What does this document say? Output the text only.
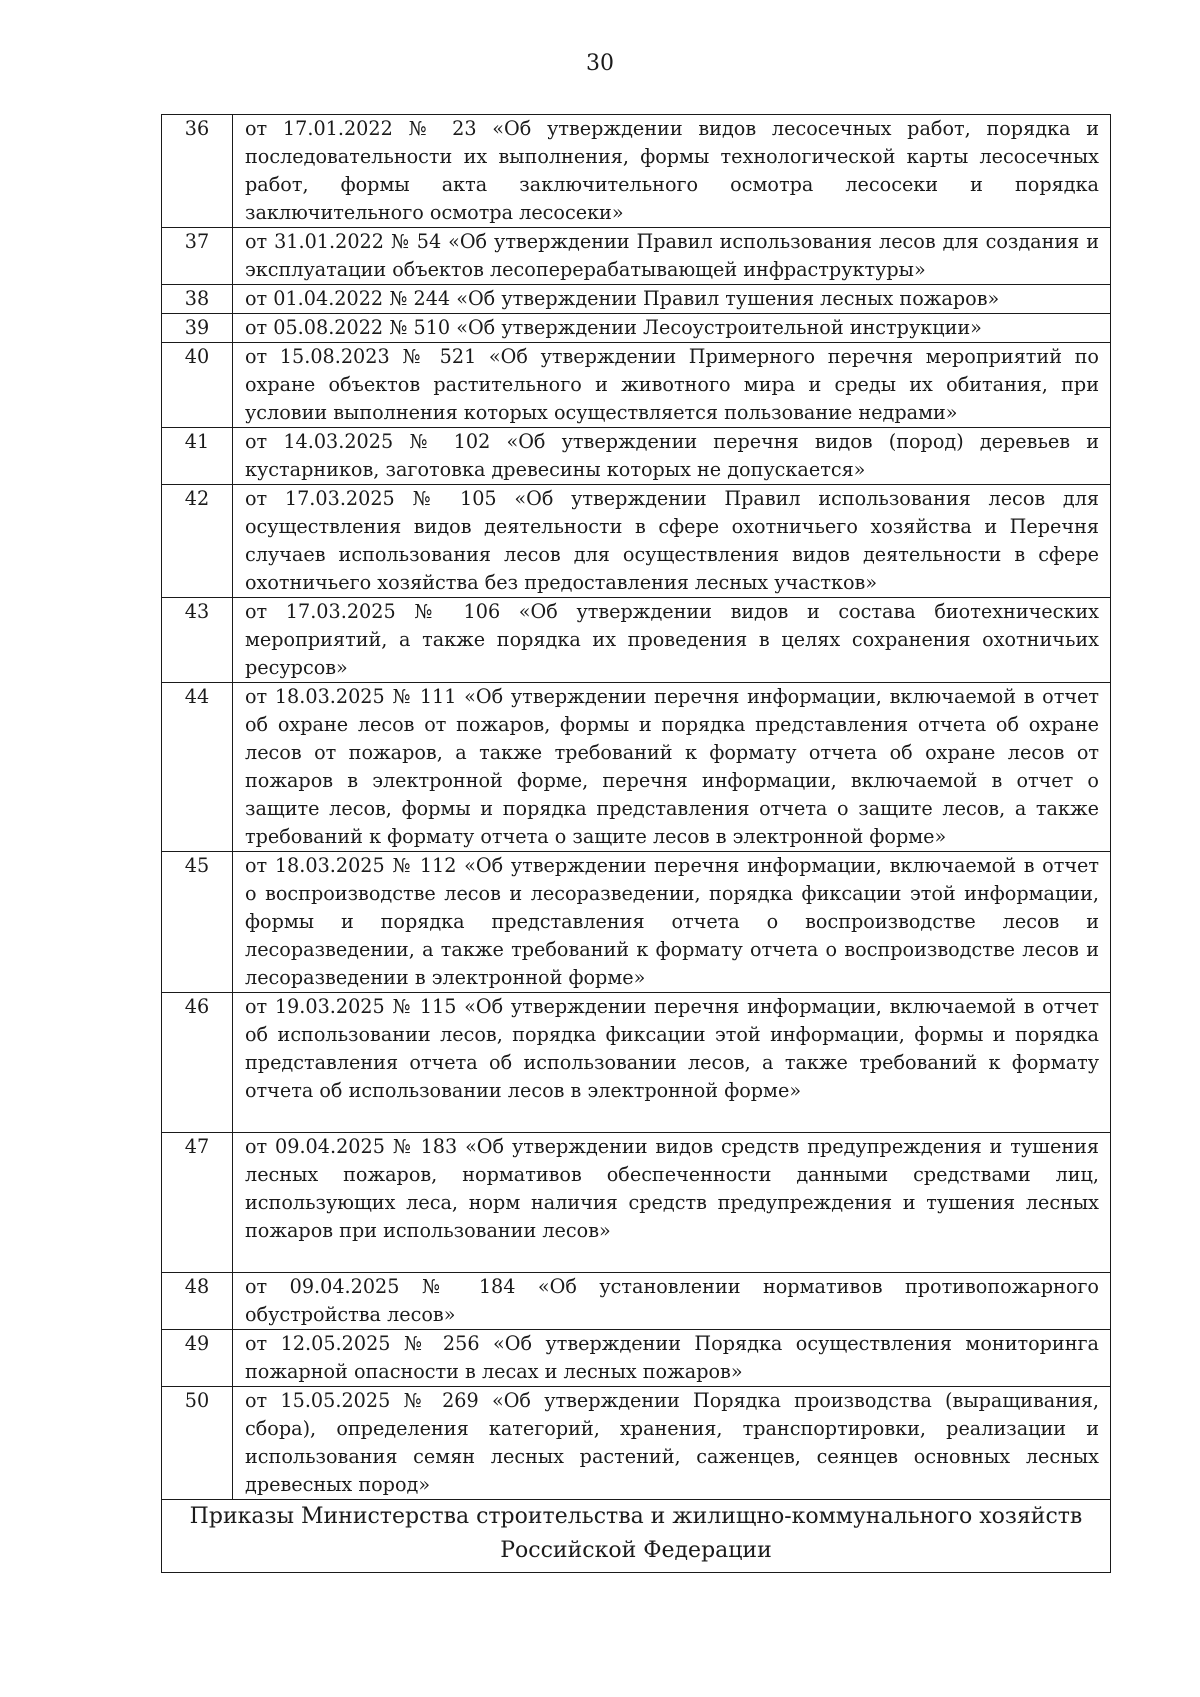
30
36	от 17.01.2022 № 23 «Об утверждении видов лесосечных работ, порядка и последовательности их выполнения, формы технологической карты лесосечных работ, формы акта заключительного осмотра лесосеки и порядка заключительного осмотра лесосеки»
37	от 31.01.2022 № 54 «Об утверждении Правил использования лесов для создания и эксплуатации объектов лесоперерабатывающей инфраструктуры»
38	от 01.04.2022 № 244 «Об утверждении Правил тушения лесных пожаров»
39	от 05.08.2022 № 510 «Об утверждении Лесоустроительной инструкции»
40	от 15.08.2023 № 521 «Об утверждении Примерного перечня мероприятий по охране объектов растительного и животного мира и среды их обитания, при условии выполнения которых осуществляется пользование недрами»
41	от 14.03.2025 № 102 «Об утверждении перечня видов (пород) деревьев и кустарников, заготовка древесины которых не допускается»
42	от 17.03.2025 № 105 «Об утверждении Правил использования лесов для осуществления видов деятельности в сфере охотничьего хозяйства и Перечня случаев использования лесов для осуществления видов деятельности в сфере охотничьего хозяйства без предоставления лесных участков»
43	от 17.03.2025 № 106 «Об утверждении видов и состава биотехнических мероприятий, а также порядка их проведения в целях сохранения охотничьих ресурсов»
44	от 18.03.2025 № 111 «Об утверждении перечня информации, включаемой в отчет об охране лесов от пожаров, формы и порядка представления отчета об охране лесов от пожаров, а также требований к формату отчета об охране лесов от пожаров в электронной форме, перечня информации, включаемой в отчет о защите лесов, формы и порядка представления отчета о защите лесов, а также требований к формату отчета о защите лесов в электронной форме»
45	от 18.03.2025 № 112 «Об утверждении перечня информации, включаемой в отчет о воспроизводстве лесов и лесоразведении, порядка фиксации этой информации, формы и порядка представления отчета о воспроизводстве лесов и лесоразведении, а также требований к формату отчета о воспроизводстве лесов и лесоразведении в электронной форме»
46	от 19.03.2025 № 115 «Об утверждении перечня информации, включаемой в отчет об использовании лесов, порядка фиксации этой информации, формы и порядка представления отчета об использовании лесов, а также требований к формату отчета об использовании лесов в электронной форме»
47	от 09.04.2025 № 183 «Об утверждении видов средств предупреждения и тушения лесных пожаров, нормативов обеспеченности данными средствами лиц, использующих леса, норм наличия средств предупреждения и тушения лесных пожаров при использовании лесов»
48	от 09.04.2025 № 184 «Об установлении нормативов противопожарного обустройства лесов»
49	от 12.05.2025 № 256 «Об утверждении Порядка осуществления мониторинга пожарной опасности в лесах и лесных пожаров»
50	от 15.05.2025 № 269 «Об утверждении Порядка производства (выращивания, сбора), определения категорий, хранения, транспортировки, реализации и использования семян лесных растений, саженцев, сеянцев основных лесных древесных пород»

Приказы Министерства строительства и жилищно-коммунального хозяйств
Российской Федерации	
